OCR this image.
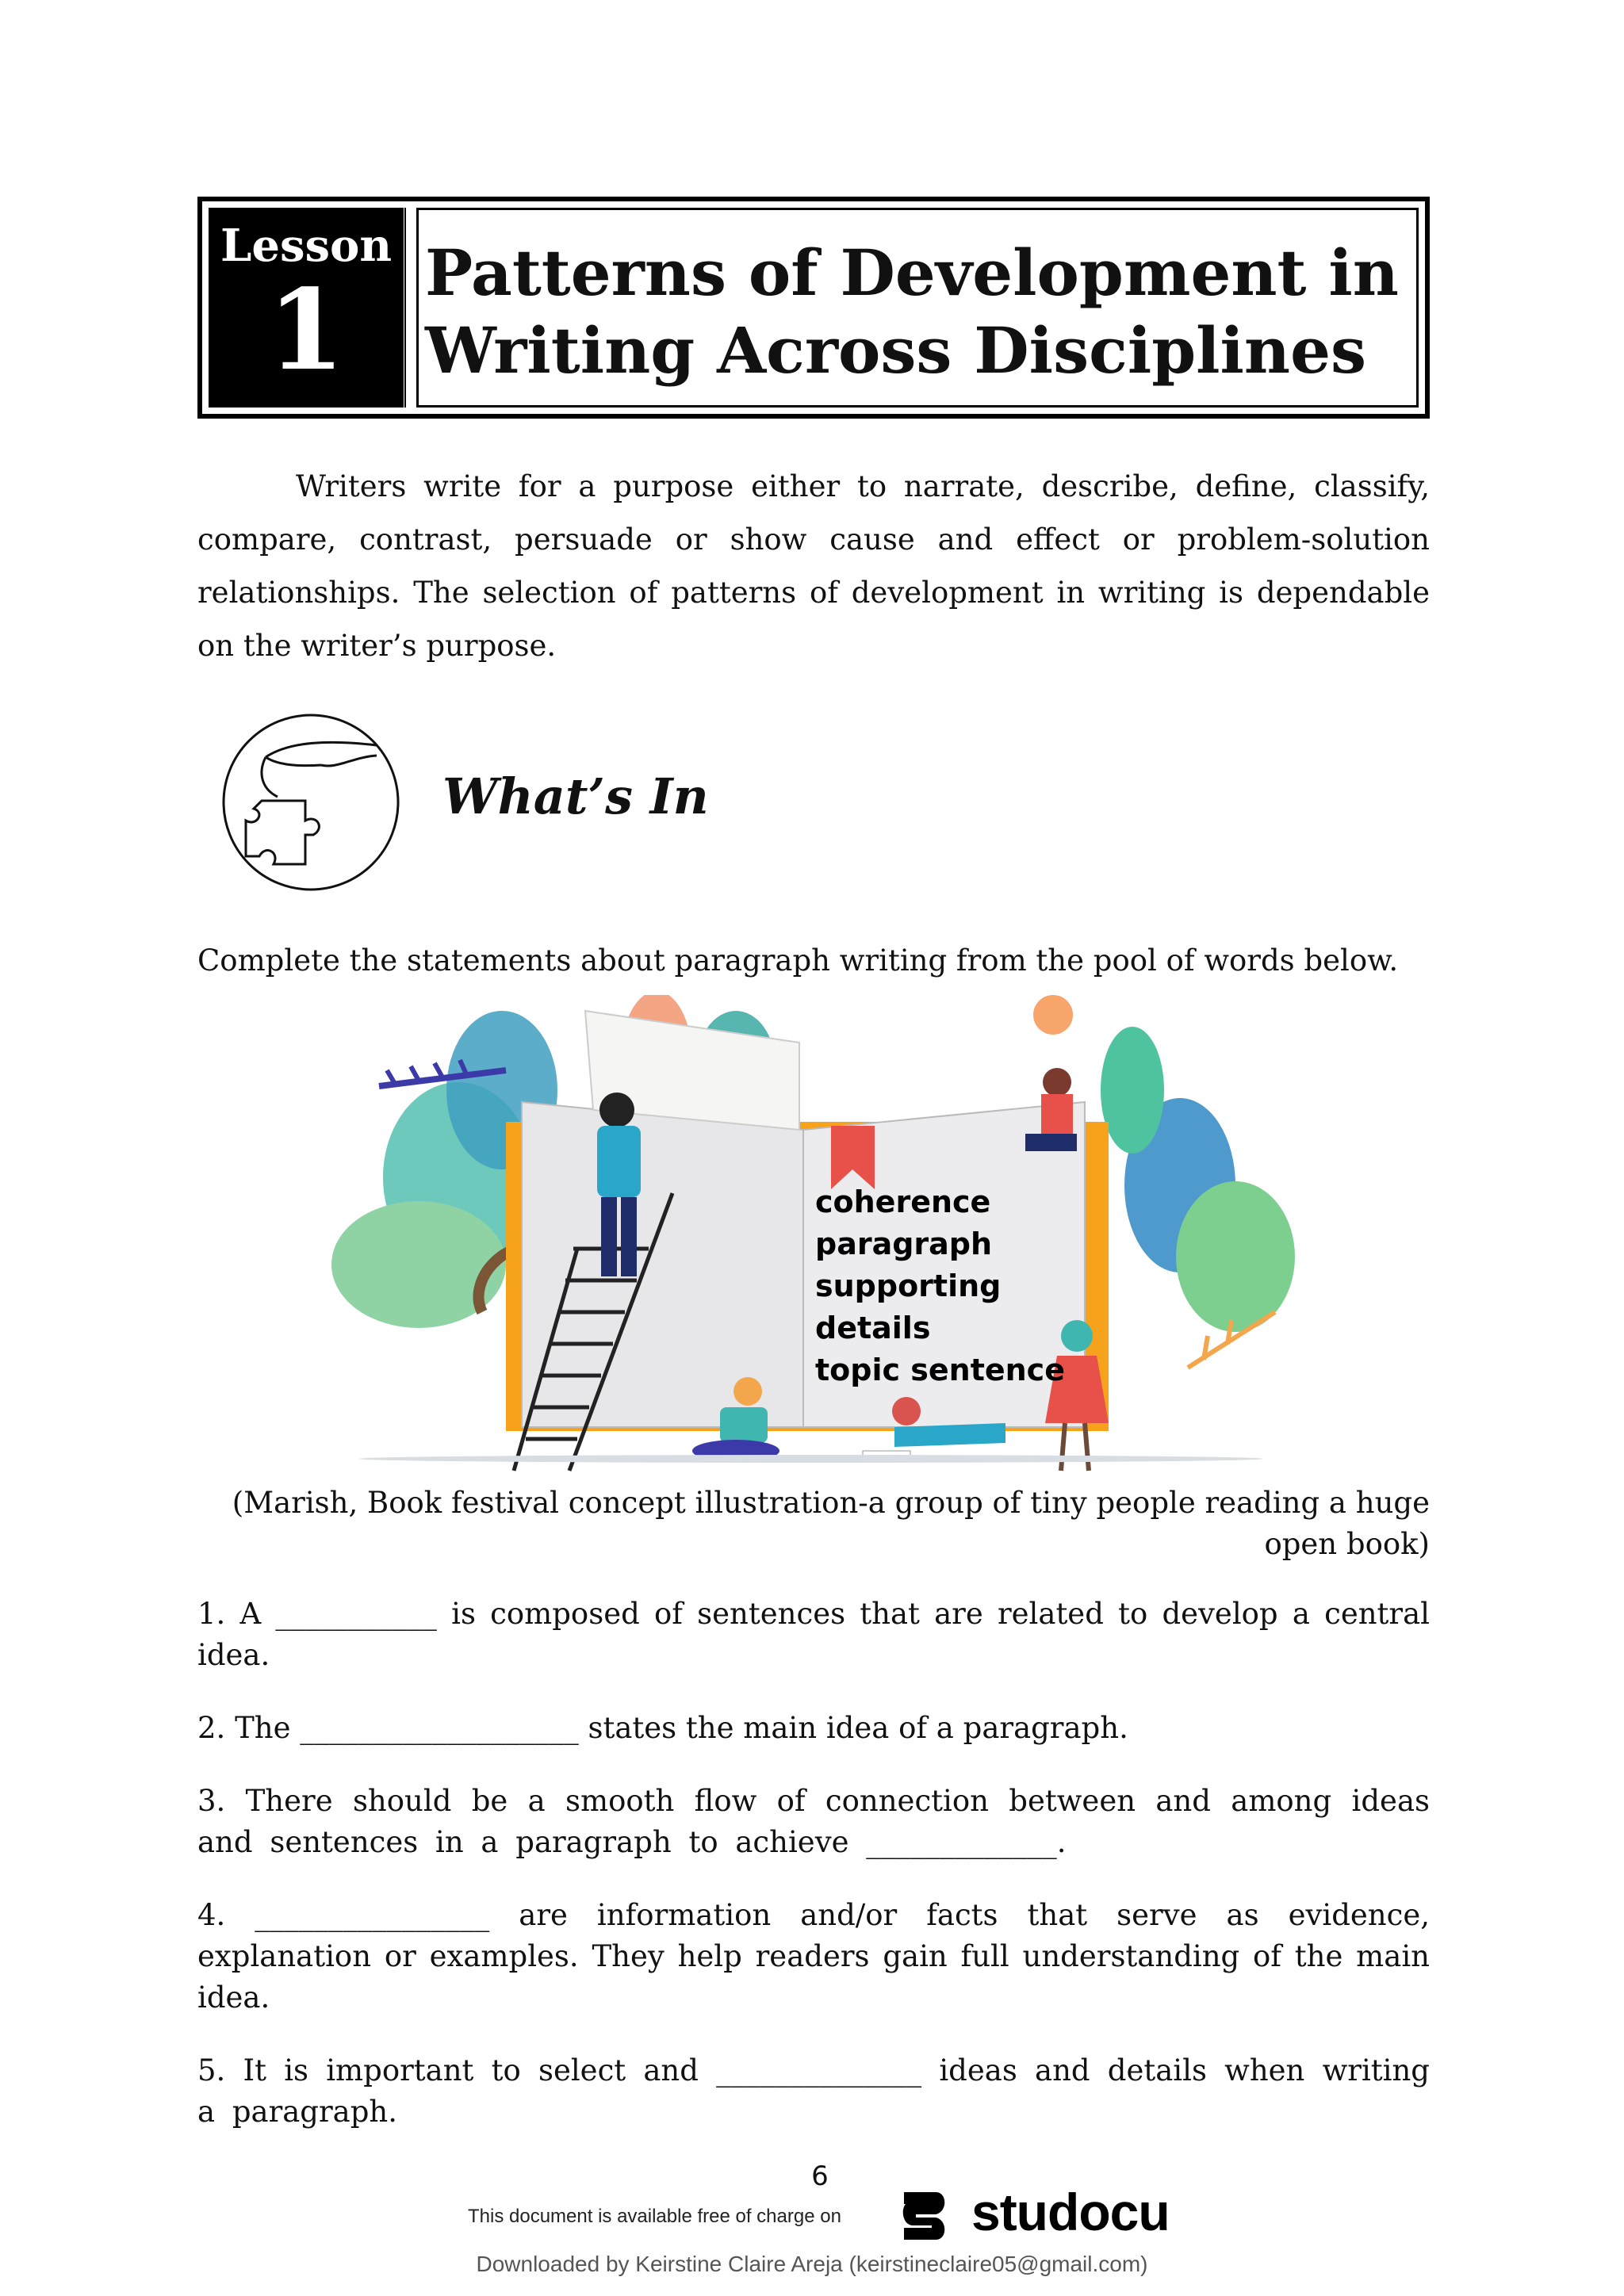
Lesson
1	Patterns of Development in
Writing Across Disciplines

Writers write for a purpose either to narrate, describe, define, classify, compare, contrast, persuade or show cause and effect or problem-solution relationships. The selection of patterns of development in writing is dependable on the writer’s purpose.

What’s In

Complete the statements about paragraph writing from the pool of words below.

coherence
paragraph
supporting
details
topic sentence

(Marish, Book festival concept illustration-a group of tiny people reading a huge open book)

1. A ___________ is composed of sentences that are related to develop a central idea.
2. The ___________________ states the main idea of a paragraph.
3. There should be a smooth flow of connection between and among ideas and sentences in a paragraph to achieve _____________.
4. ________________ are information and/or facts that serve as evidence, explanation or examples. They help readers gain full understanding of the main idea.
5. It is important to select and ______________ ideas and details when writing a paragraph.
6
This document is available free of charge on studocu
Downloaded by Keirstine Claire Areja (keirstineclaire05@gmail.com)
